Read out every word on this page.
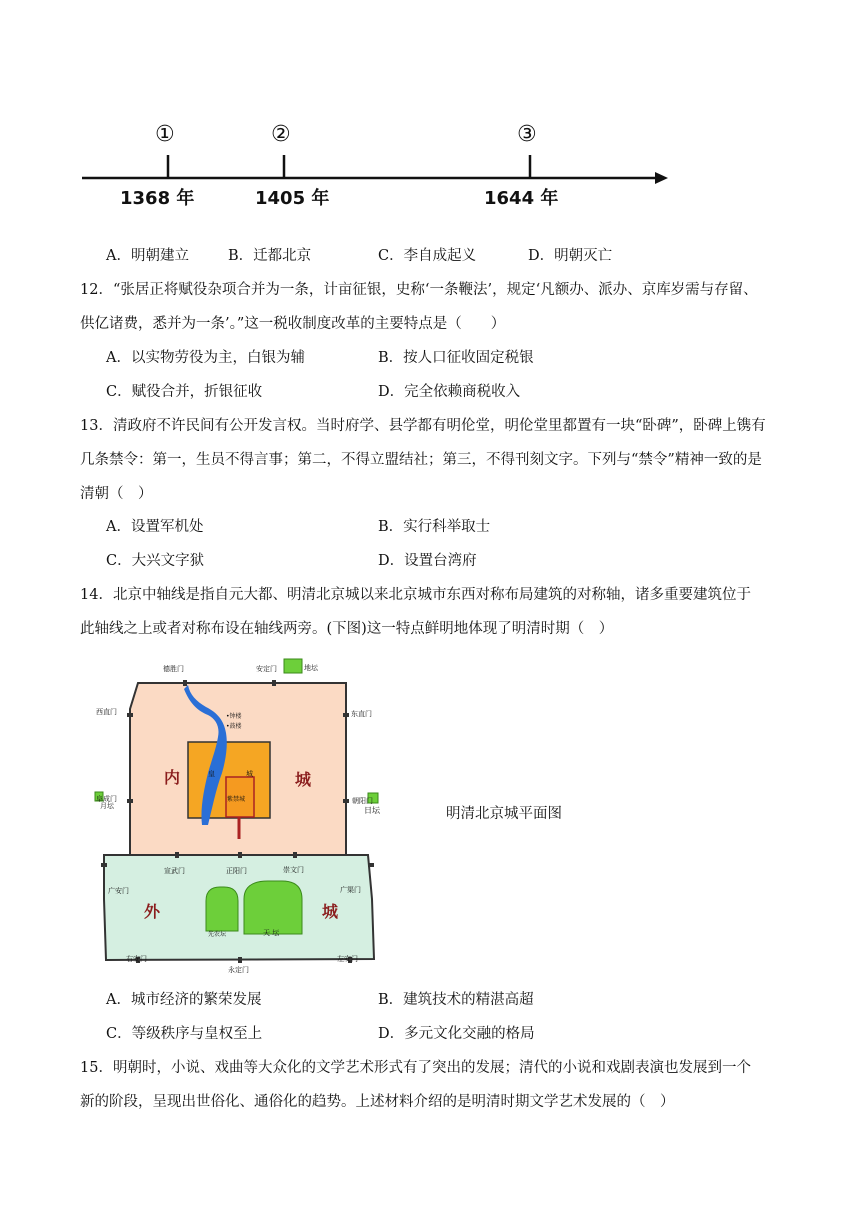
①	②	③
1368 年	1405 年	1644 年
A．明朝建立	B．迁都北京	C．李自成起义	D．明朝灭亡
12．“张居正将赋役杂项合并为一条，计亩征银，史称‘一条鞭法’，规定‘凡额办、派办、京库岁需与存留、
供亿诸费，悉并为一条’。”这一税收制度改革的主要特点是（　　）
A．以实物劳役为主，白银为辅	B．按人口征收固定税银
C．赋役合并，折银征收	D．完全依赖商税收入
13．清政府不许民间有公开发言权。当时府学、县学都有明伦堂，明伦堂里都置有一块“卧碑”，卧碑上镌有
几条禁令：第一，生员不得言事；第二，不得立盟结社；第三，不得刊刻文字。下列与“禁令”精神一致的是
清朝（　）
A．设置军机处	B．实行科举取士
C．大兴文字狱	D．设置台湾府
14．北京中轴线是指自元大都、明清北京城以来北京城市东西对称布局建筑的对称轴，诸多重要建筑位于
此轴线之上或者对称布设在轴线两旁。(下图)这一特点鲜明地体现了明清时期（　）
德胜门	安定门	地坛
西直门	东直门
•钟楼
•鼓楼
阜成门	朝阳门
月坛	日坛
内	城
皇	城
紫禁城
宣武门	正阳门	崇文门
广安门	广渠门
外	城
先农坛	天 坛
右安门	左安门
永定门
明清北京城平面图
A．城市经济的繁荣发展	B．建筑技术的精湛高超
C．等级秩序与皇权至上	D．多元文化交融的格局
15．明朝时，小说、戏曲等大众化的文学艺术形式有了突出的发展；清代的小说和戏剧表演也发展到一个
新的阶段，呈现出世俗化、通俗化的趋势。上述材料介绍的是明清时期文学艺术发展的（　）
